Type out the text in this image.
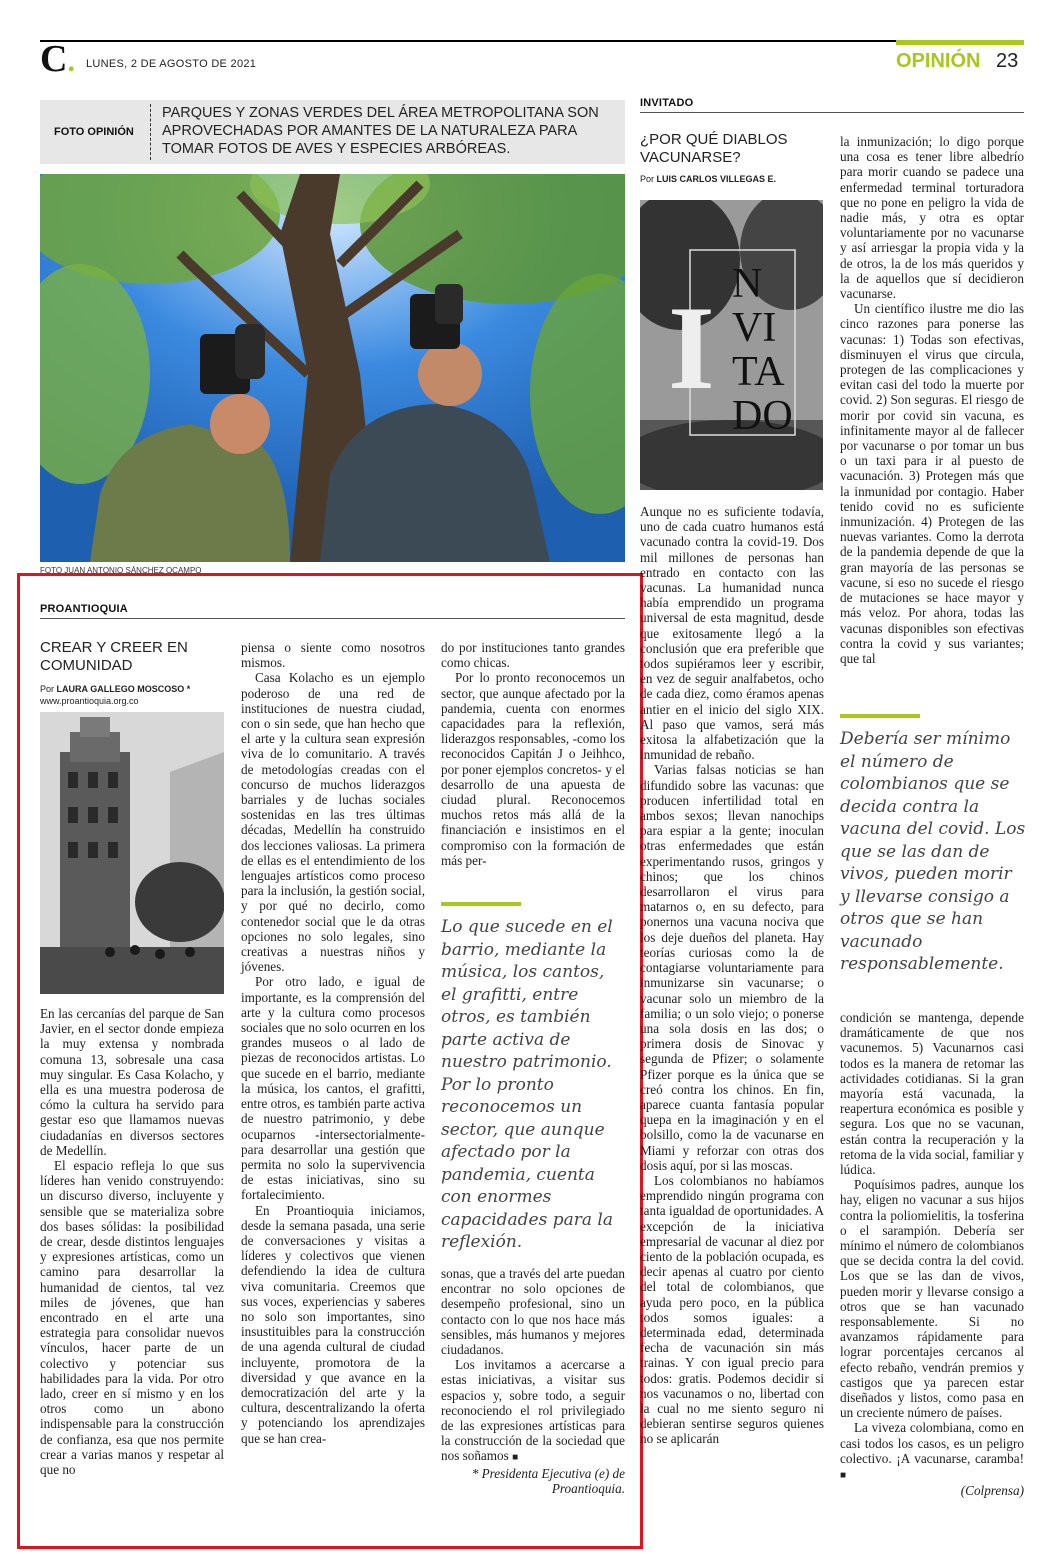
C. LUNES, 2 DE AGOSTO DE 2021	OPINIÓN 23
FOTO OPINIÓN
PARQUES Y ZONAS VERDES DEL ÁREA METROPOLITANA SON APROVECHADAS POR AMANTES DE LA NATURALEZA PARA TOMAR FOTOS DE AVES Y ESPECIES ARBÓREAS.
FOTO JUAN ANTONIO SÁNCHEZ OCAMPO
PROANTIOQUIA
CREAR Y CREER EN COMUNIDAD
Por LAURA GALLEGO MOSCOSO *
www.proantioquia.org.co

En las cercanías del parque de San Javier, en el sector donde empieza la muy extensa y nombrada comuna 13, sobresale una casa muy singular. Es Casa Kolacho, y ella es una muestra poderosa de cómo la cultura ha servido para gestar eso que llamamos nuevas ciudadanías en diversos sectores de Medellín.

El espacio refleja lo que sus líderes han venido construyendo: un discurso diverso, incluyente y sensible que se materializa sobre dos bases sólidas: la posibilidad de crear, desde distintos lenguajes y expresiones artísticas, como un camino para desarrollar la humanidad de cientos, tal vez miles de jóvenes, que han encontrado en el arte una estrategia para consolidar nuevos vínculos, hacer parte de un colectivo y potenciar sus habilidades para la vida. Por otro lado, creer en sí mismo y en los otros como un abono indispensable para la construcción de confianza, esa que nos permite crear a varias manos y respetar al que no

piensa o siente como nosotros mismos.

Casa Kolacho es un ejemplo poderoso de una red de instituciones de nuestra ciudad, con o sin sede, que han hecho que el arte y la cultura sean expresión viva de lo comunitario. A través de metodologías creadas con el concurso de muchos liderazgos barriales y de luchas sociales sostenidas en las tres últimas décadas, Medellín ha construido dos lecciones valiosas. La primera de ellas es el entendimiento de los lenguajes artísticos como proceso para la inclusión, la gestión social, y por qué no decirlo, como contenedor social que le da otras opciones no solo legales, sino creativas a nuestras niños y jóvenes.

Por otro lado, e igual de importante, es la comprensión del arte y la cultura como procesos sociales que no solo ocurren en los grandes museos o al lado de piezas de reconocidos artistas. Lo que sucede en el barrio, mediante la música, los cantos, el grafitti, entre otros, es también parte activa de nuestro patrimonio, y debe ocuparnos -intersectorialmente- para desarrollar una gestión que permita no solo la supervivencia de estas iniciativas, sino su fortalecimiento.

En Proantioquia iniciamos, desde la semana pasada, una serie de conversaciones y visitas a líderes y colectivos que vienen defendiendo la idea de cultura viva comunitaria. Creemos que sus voces, experiencias y saberes no solo son importantes, sino insustituibles para la construcción de una agenda cultural de ciudad incluyente, promotora de la diversidad y que avance en la democratización del arte y la cultura, descentralizando la oferta y potenciando los aprendizajes que se han crea-

do por instituciones tanto grandes como chicas.

Por lo pronto reconocemos un sector, que aunque afectado por la pandemia, cuenta con enormes capacidades para la reflexión, liderazgos responsables, -como los reconocidos Capitán J o Jeihhco, por poner ejemplos concretos- y el desarrollo de una apuesta de ciudad plural. Reconocemos muchos retos más allá de la financiación e insistimos en el compromiso con la formación de más per-

Lo que sucede en el barrio, mediante la música, los cantos, el grafitti, entre otros, es también parte activa de nuestro patrimonio. Por lo pronto reconocemos un sector, que aunque afectado por la pandemia, cuenta con enormes capacidades para la reflexión.

sonas, que a través del arte puedan encontrar no solo opciones de desempeño profesional, sino un contacto con lo que nos hace más sensibles, más humanos y mejores ciudadanos.

Los invitamos a acercarse a estas iniciativas, a visitar sus espacios y, sobre todo, a seguir reconociendo el rol privilegiado de las expresiones artísticas para la construcción de la sociedad que nos soñamos ■

* Presidenta Ejecutiva (e) de Proantioquia.

INVITADO
¿POR QUÉ DIABLOS VACUNARSE?
Por LUIS CARLOS VILLEGAS E.
I N
VI
TA
DO

Aunque no es suficiente todavía, uno de cada cuatro humanos está vacunado contra la covid-19. Dos mil millones de personas han entrado en contacto con las vacunas. La humanidad nunca había emprendido un programa universal de esta magnitud, desde que exitosamente llegó a la conclusión que era preferible que todos supiéramos leer y escribir, en vez de seguir analfabetos, ocho de cada diez, como éramos apenas antier en el inicio del siglo XIX. Al paso que vamos, será más exitosa la alfabetización que la inmunidad de rebaño.

Varias falsas noticias se han difundido sobre las vacunas: que producen infertilidad total en ambos sexos; llevan nanochips para espiar a la gente; inoculan otras enfermedades que están experimentando rusos, gringos y chinos; que los chinos desarrollaron el virus para matarnos o, en su defecto, para ponernos una vacuna nociva que los deje dueños del planeta. Hay teorías curiosas como la de contagiarse voluntariamente para inmunizarse sin vacunarse; o vacunar solo un miembro de la familia; o un solo viejo; o ponerse una sola dosis en las dos; o primera dosis de Sinovac y segunda de Pfizer; o solamente Pfizer porque es la única que se creó contra los chinos. En fin, aparece cuanta fantasía popular quepa en la imaginación y en el bolsillo, como la de vacunarse en Miami y reforzar con otras dos dosis aquí, por si las moscas.

Los colombianos no habíamos emprendido ningún programa con tanta igualdad de oportunidades. A excepción de la iniciativa empresarial de vacunar al diez por ciento de la población ocupada, es decir apenas al cuatro por ciento del total de colombianos, que ayuda pero poco, en la pública todos somos iguales: a determinada edad, determinada fecha de vacunación sin más trainas. Y con igual precio para todos: gratis. Podemos decidir si nos vacunamos o no, libertad con la cual no me siento seguro ni debieran sentirse seguros quienes no se aplicarán

la inmunización; lo digo porque una cosa es tener libre albedrío para morir cuando se padece una enfermedad terminal torturadora que no pone en peligro la vida de nadie más, y otra es optar voluntariamente por no vacunarse y así arriesgar la propia vida y la de otros, la de los más queridos y la de aquellos que sí decidieron vacunarse.

Un científico ilustre me dio las cinco razones para ponerse las vacunas: 1) Todas son efectivas, disminuyen el virus que circula, protegen de las complicaciones y evitan casi del todo la muerte por covid. 2) Son seguras. El riesgo de morir por covid sin vacuna, es infinitamente mayor al de fallecer por vacunarse o por tomar un bus o un taxi para ir al puesto de vacunación. 3) Protegen más que la inmunidad por contagio. Haber tenido covid no es suficiente inmunización. 4) Protegen de las nuevas variantes. Como la derrota de la pandemia depende de que la gran mayoría de las personas se vacune, si eso no sucede el riesgo de mutaciones se hace mayor y más veloz. Por ahora, todas las vacunas disponibles son efectivas contra la covid y sus variantes; que tal

Debería ser mínimo el número de colombianos que se decida contra la vacuna del covid. Los que se las dan de vivos, pueden morir y llevarse consigo a otros que se han vacunado responsablemente.

condición se mantenga, depende dramáticamente de que nos vacunemos. 5) Vacunarnos casi todos es la manera de retomar las actividades cotidianas. Si la gran mayoría está vacunada, la reapertura económica es posible y segura. Los que no se vacunan, están contra la recuperación y la retoma de la vida social, familiar y lúdica.

Poquísimos padres, aunque los hay, eligen no vacunar a sus hijos contra la poliomielitis, la tosferina o el sarampión. Debería ser mínimo el número de colombianos que se decida contra la del covid. Los que se las dan de vivos, pueden morir y llevarse consigo a otros que se han vacunado responsablemente. Si no avanzamos rápidamente para lograr porcentajes cercanos al efecto rebaño, vendrán premios y castigos que ya parecen estar diseñados y listos, como pasa en un creciente número de países.

La viveza colombiana, como en casi todos los casos, es un peligro colectivo. ¡A vacunarse, caramba! ■

(Colprensa)
